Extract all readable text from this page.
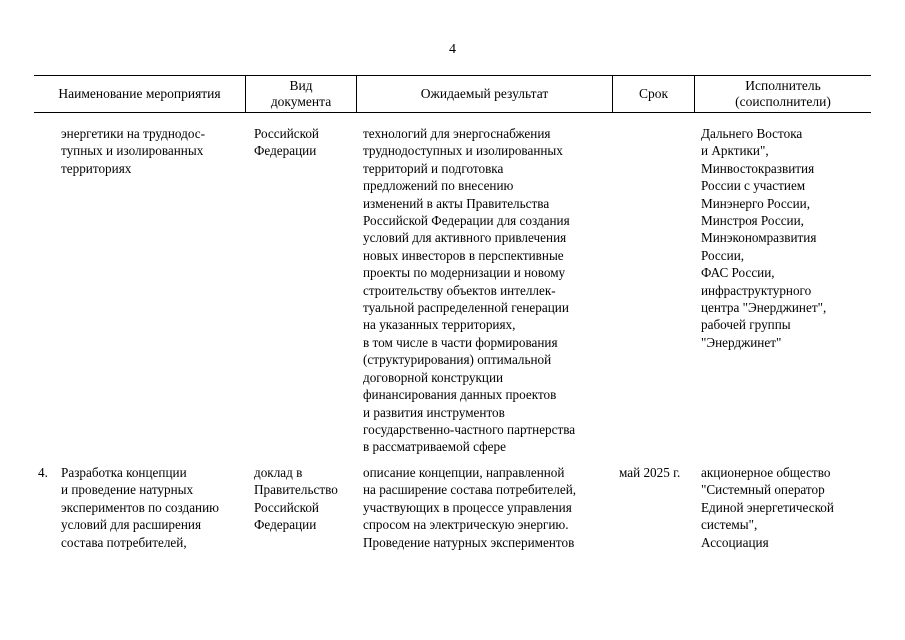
4
Наименование мероприятия
Вид
документа
Ожидаемый результат	Срок
Исполнитель
(соисполнители)
энергетики на труднодос-
тупных и изолированных
территориях
Российской
Федерации
технологий для энергоснабжения
труднодоступных и изолированных
территорий и подготовка
предложений по внесению
изменений в акты Правительства
Российской Федерации для создания
условий для активного привлечения
новых инвесторов в перспективные
проекты по модернизации и новому
строительству объектов интеллек-
туальной распределенной генерации
на указанных территориях,
в том числе в части формирования
(структурирования) оптимальной
договорной конструкции
финансирования данных проектов
и развития инструментов
государственно-частного партнерства
в рассматриваемой сфере
Дальнего Востока
и Арктики",
Минвостокразвития
России с участием
Минэнерго России,
Минстроя России,
Минэкономразвития
России,
ФАС России,
инфраструктурного
центра "Энерджинет",
рабочей группы
"Энерджинет"
4. Разработка концепции
и проведение натурных
экспериментов по созданию
условий для расширения
состава потребителей,
доклад в
Правительство
Российской
Федерации
описание концепции, направленной
на расширение состава потребителей,
участвующих в процессе управления
спросом на электрическую энергию.
Проведение натурных экспериментов
май 2025 г.	акционерное общество
"Системный оператор
Единой энергетической
системы",
Ассоциация
